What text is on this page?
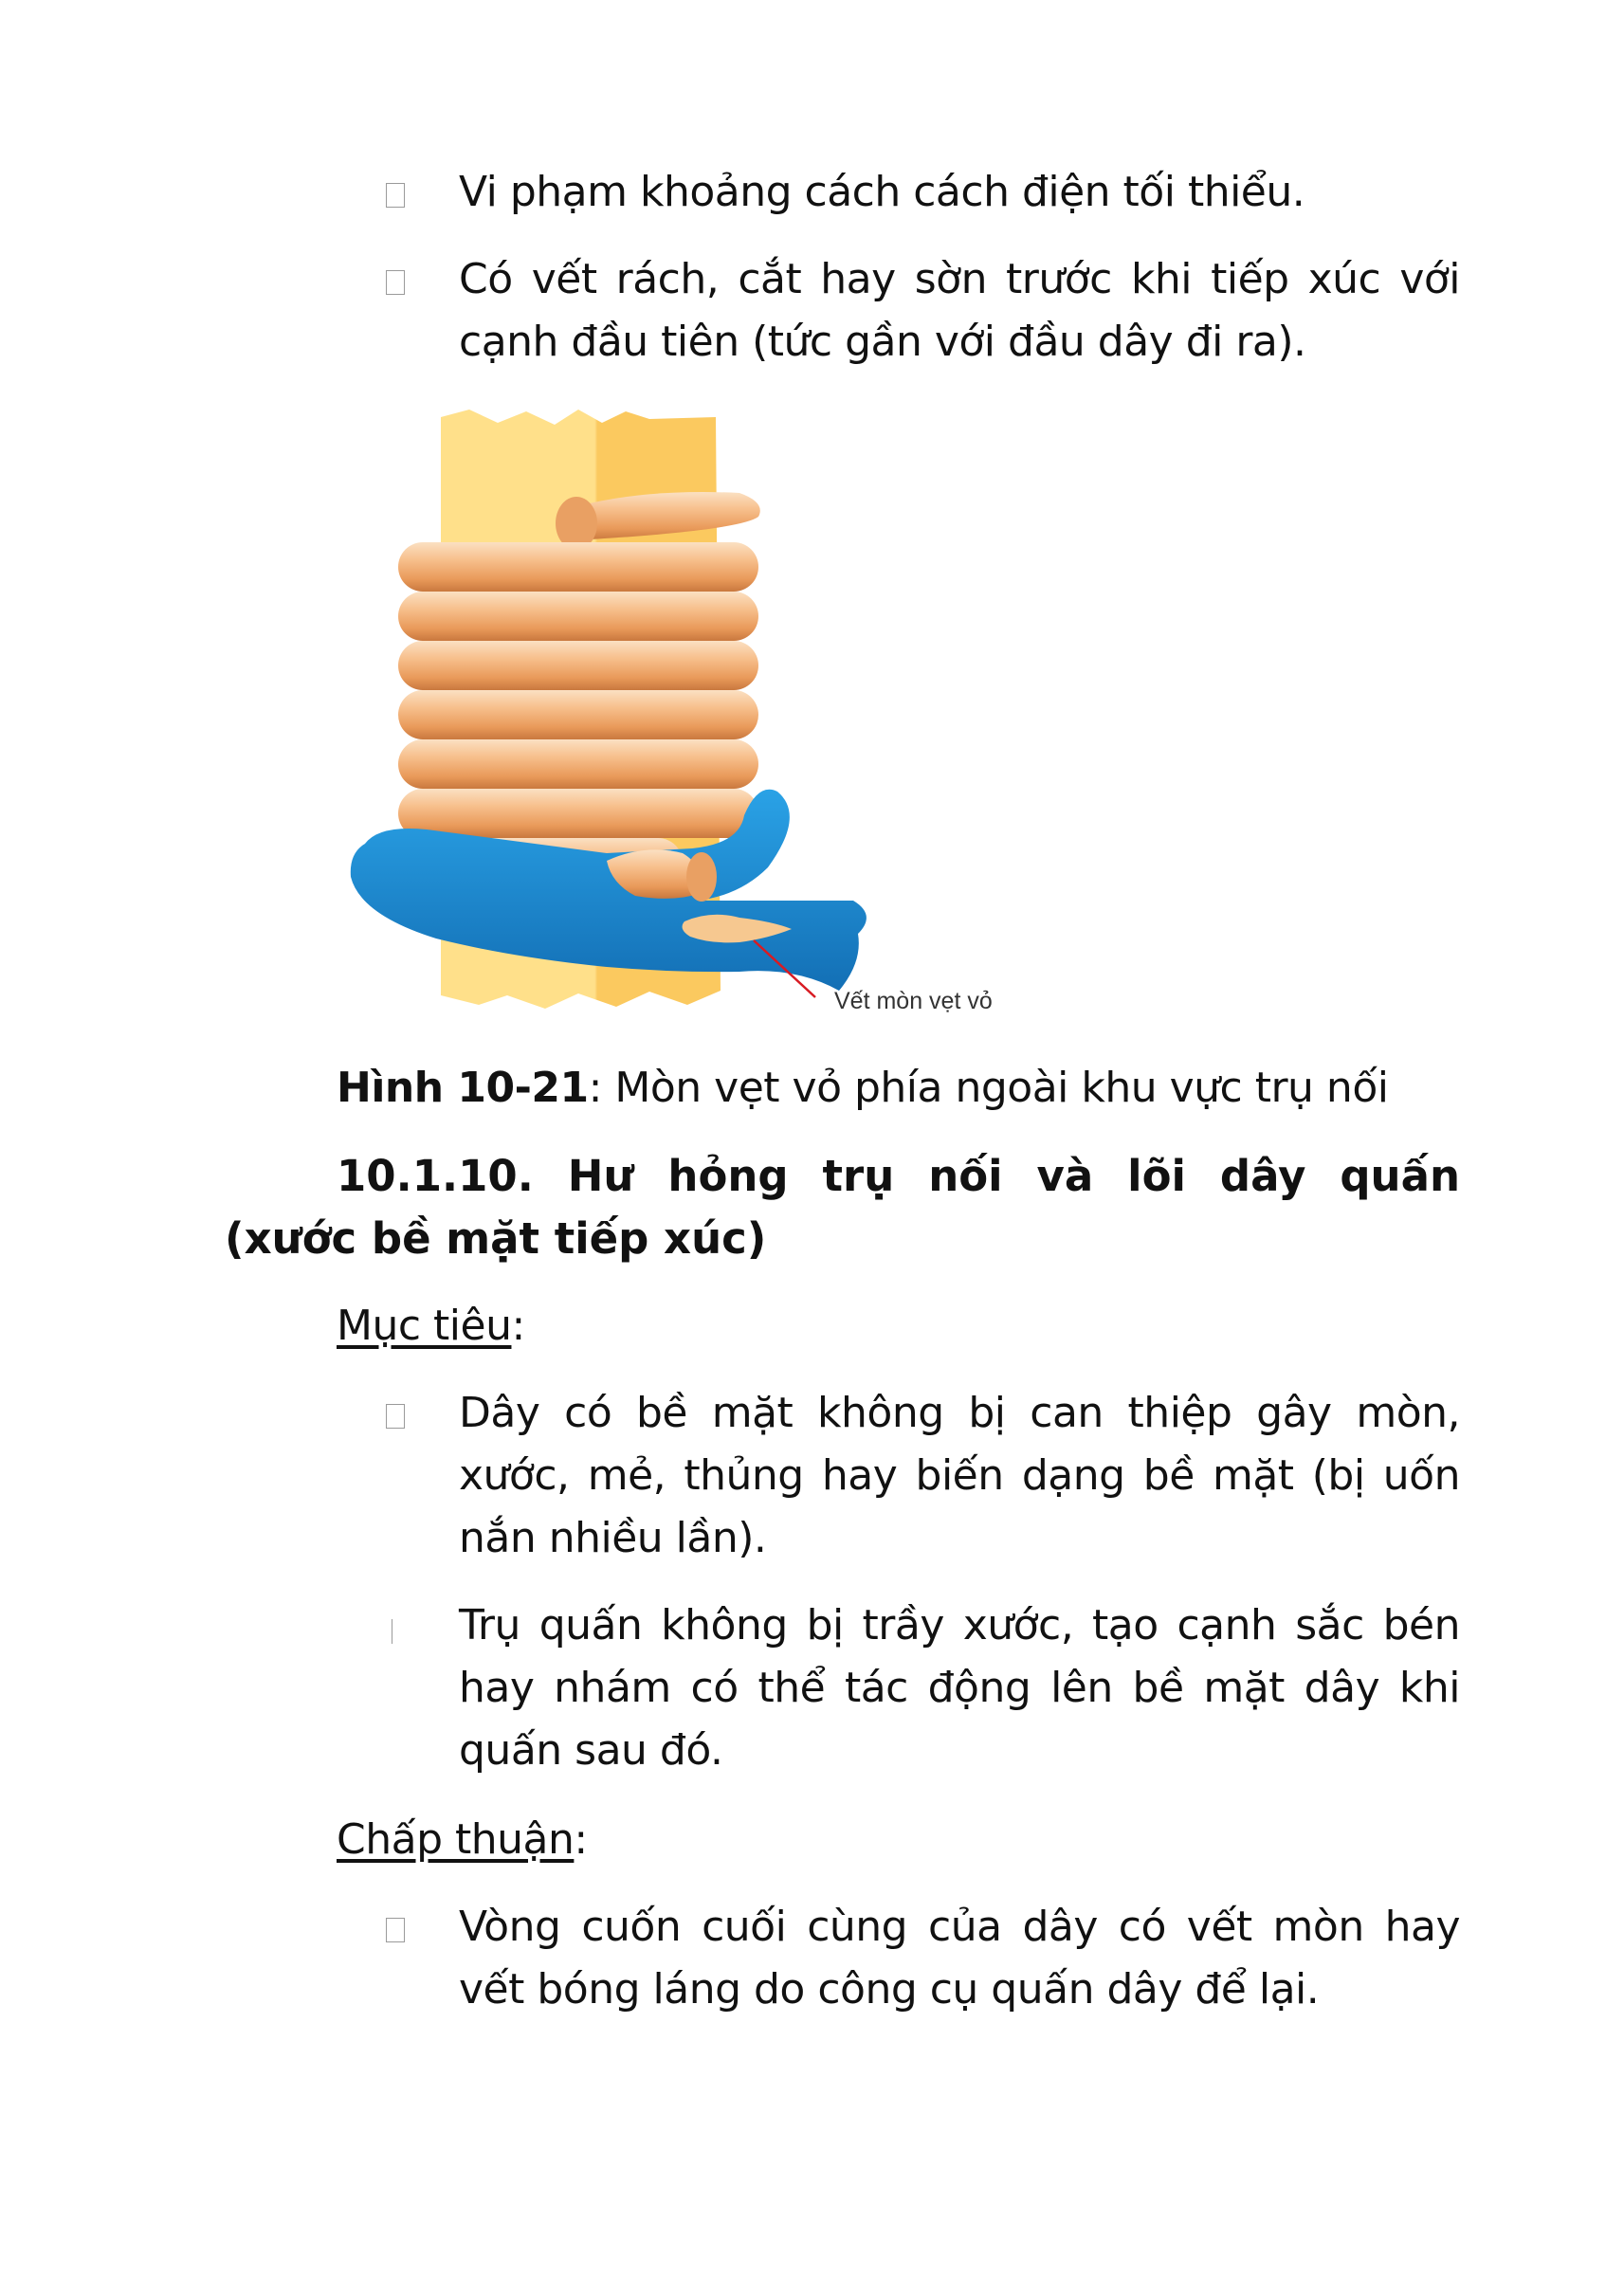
Vi phạm khoảng cách cách điện tối thiểu.
Có vết rách, cắt hay sờn trước khi tiếp xúc với cạnh đầu tiên (tức gần với đầu dây đi ra).
Vết mòn vẹt vỏ
Hình 10-21: Mòn vẹt vỏ phía ngoài khu vực trụ nối
10.1.10. Hư hỏng trụ nối và lõi dây quấn
(xước bề mặt tiếp xúc)
Mục tiêu:
Dây có bề mặt không bị can thiệp gây mòn, xước, mẻ, thủng hay biến dạng bề mặt (bị uốn nắn nhiều lần).
Trụ quấn không bị trầy xước, tạo cạnh sắc bén hay nhám có thể tác động lên bề mặt dây khi quấn sau đó.
Chấp thuận:
Vòng cuốn cuối cùng của dây có vết mòn hay vết bóng láng do công cụ quấn dây để lại.
